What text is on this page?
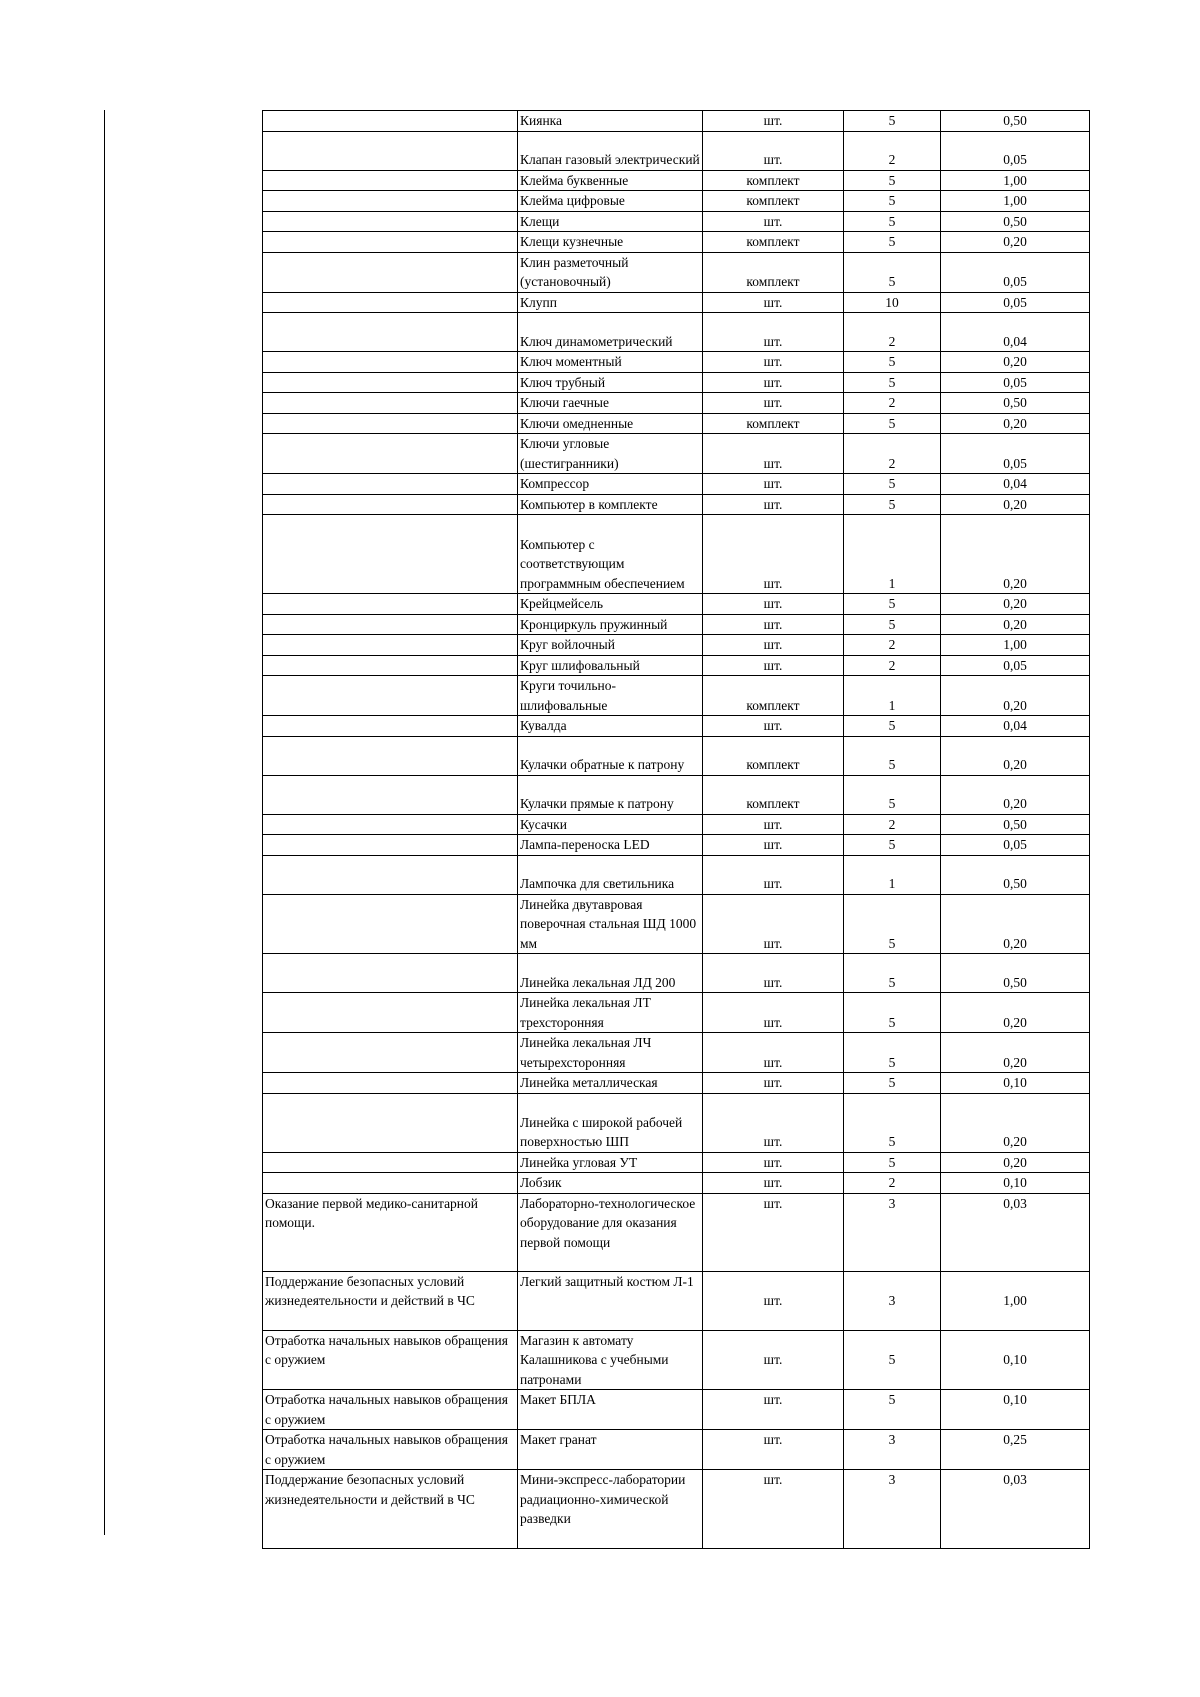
	Киянка	шт.	5	0,50
	Клапан газовый электрический	шт.	2	0,05
	Клейма буквенные	комплект	5	1,00
	Клейма цифровые	комплект	5	1,00
	Клещи	шт.	5	0,50
	Клещи кузнечные	комплект	5	0,20
	Клин разметочный (установочный)	комплект	5	0,05
	Клупп	шт.	10	0,05
	Ключ динамометрический	шт.	2	0,04
	Ключ моментный	шт.	5	0,20
	Ключ трубный	шт.	5	0,05
	Ключи гаечные	шт.	2	0,50
	Ключи омедненные	комплект	5	0,20
	Ключи угловые (шестигранники)	шт.	2	0,05
	Компрессор	шт.	5	0,04
	Компьютер в комплекте	шт.	5	0,20
	Компьютер с соответствующим программным обеспечением	шт.	1	0,20
	Крейцмейсель	шт.	5	0,20
	Кронциркуль пружинный	шт.	5	0,20
	Круг войлочный	шт.	2	1,00
	Круг шлифовальный	шт.	2	0,05
	Круги точильно-шлифовальные	комплект	1	0,20
	Кувалда	шт.	5	0,04
	Кулачки обратные к патрону	комплект	5	0,20
	Кулачки прямые к патрону	комплект	5	0,20
	Кусачки	шт.	2	0,50
	Лампа-переноска LED	шт.	5	0,05
	Лампочка для светильника	шт.	1	0,50
	Линейка двутавровая поверочная стальная ШД 1000 мм	шт.	5	0,20
	Линейка лекальная ЛД 200	шт.	5	0,50
	Линейка лекальная ЛТ трехсторонняя	шт.	5	0,20
	Линейка лекальная ЛЧ четырехсторонняя	шт.	5	0,20
	Линейка металлическая	шт.	5	0,10
	Линейка с широкой рабочей поверхностью ШП	шт.	5	0,20
	Линейка угловая УТ	шт.	5	0,20
	Лобзик	шт.	2	0,10
Оказание первой медико-санитарной помощи.	Лабораторно-технологическое оборудование для оказания первой помощи	шт.	3	0,03
Поддержание безопасных условий жизнедеятельности и действий в ЧС	Легкий защитный костюм Л-1	шт.	3	1,00
Отработка начальных навыков обращения с оружием	Магазин к автомату Калашникова с учебными патронами	шт.	5	0,10
Отработка начальных навыков обращения с оружием	Макет БПЛА	шт.	5	0,10
Отработка начальных навыков обращения с оружием	Макет гранат	шт.	3	0,25
Поддержание безопасных условий жизнедеятельности и действий в ЧС	Мини-экспресс-лаборатории радиационно-химической разведки	шт.	3	0,03
